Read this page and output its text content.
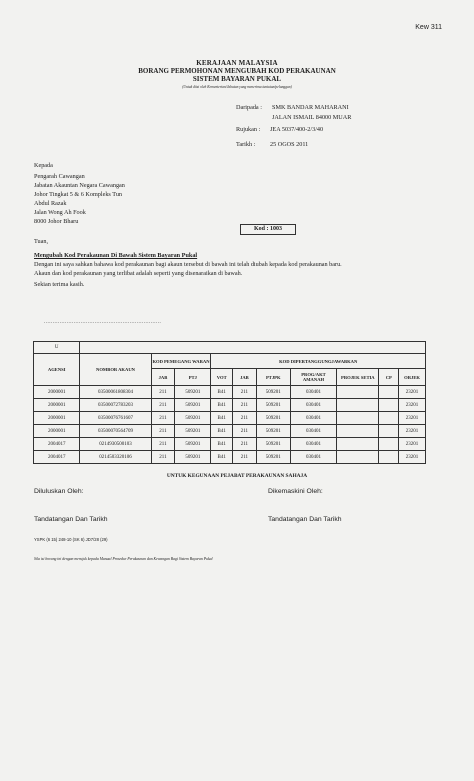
Kew 311
KERAJAAN MALAYSIA
BORANG PERMOHONAN MENGUBAH KOD PERAKAUNAN
SISTEM BAYARAN PUKAL
(Untuk diisi oleh Kementerian/Jabatan yang menerima tuntutan/pelanggan)
Daripada : SMK BANDAR MAHARANI
JALAN ISMAIL 84000 MUAR
Rujukan : JEA 5037/400-2/3/40
Tarikh : 25 OGOS 2011
Kepada
Pengarah Cawangan
Jabatan Akauntan Negara Cawangan
Johor Tingkat 5 & 6 Kompleks Tun
Abdul Razak
Jalan Wong Ah Fook
8000 Johor Bharu
Kod : 1003
Tuan,
Mengubah Kod Perakaunan Di Bawah Sistem Bayaran Pukal
Dengan ini saya sahkan bahawa kod perakaunan bagi akaun tersebut di bawah ini telah diubah kepada kod perakaunan baru.
Akaun dan kod perakaunan yang terlibat adalah seperti yang disenaraikan di bawah.
Sekian terima kasih.
...................................................................
U										
AGENSI	NOMBOR AKAUN	KOD PEMEGANG WARAN		KOD DIPERTANGGUNGJAWABKAN						
		JAB	PTJ	VOT	JAB	PTJPK	PROG/AKT AMANAH	PROJEK SETIA	CP	ORJEK
2000001	03500061808304	211	509201	B41	211	509201	030401			23201
2000001	03500072783203	211	509201	B41	211	509201	030401			23201
2000001	03500076761607	211	509201	B41	211	509201	030401			23201
2000001	03500070564709	211	509201	B41	211	509201	030401			23201
2004017	0214930500103	211	509201	B41	211	509201	030401			23201
2004017	0214503320106	211	509201	B41	211	509201	030401			23201
UNTUK KEGUNAAN PEJABAT PERAKAUNAN SAHAJA
Diluluskan Oleh:	Dikemaskini Oleh:
Tandatangan Dan Tarikh	Tandatangan Dan Tarikh
YSPK (6 15) 248-10 (SK 6) JD7/28 (29)
Sila isi borang ini dengan merujuk kepada Manual Prosedur Perakaunan dan Kewangan Bagi Sistem Bayaran Pukal
